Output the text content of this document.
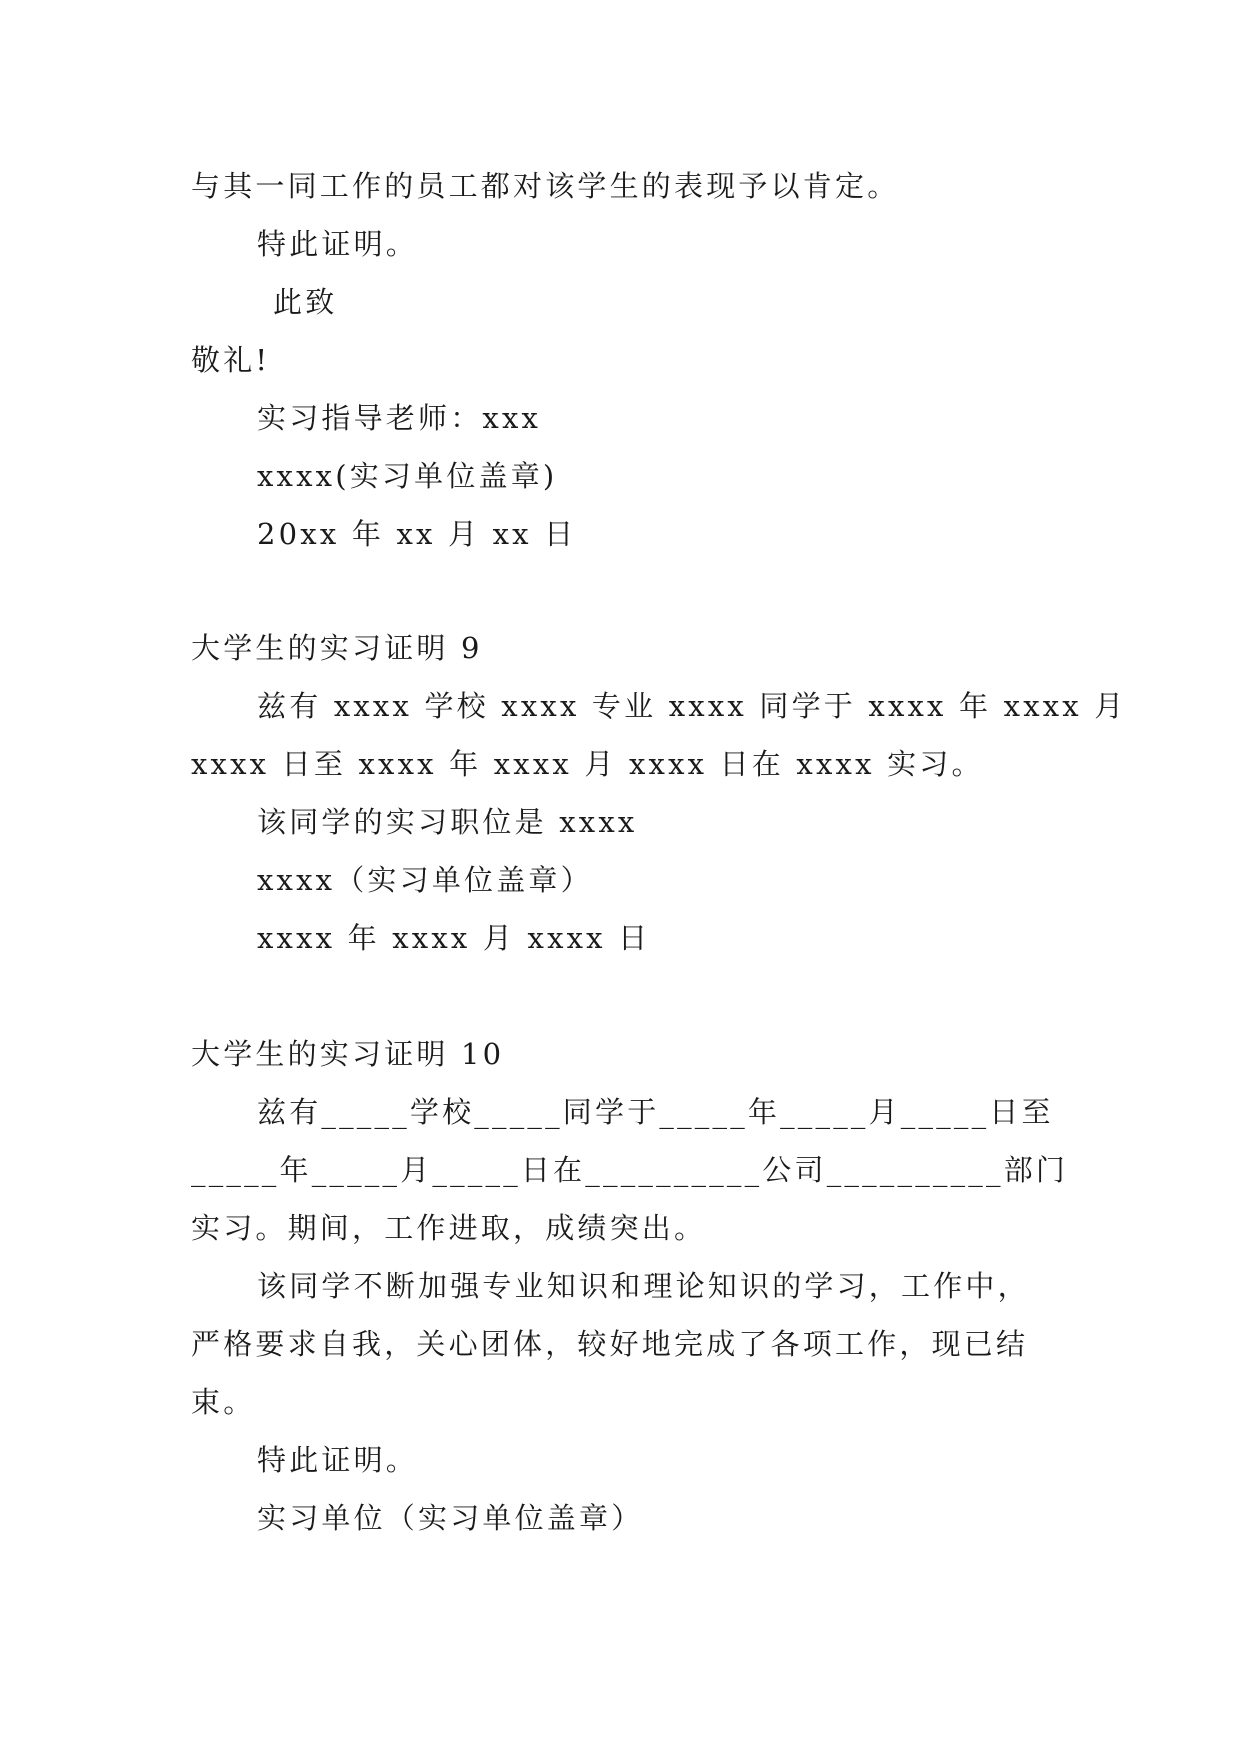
与其一同工作的员工都对该学生的表现予以肯定。
特此证明。
此致
敬礼!
实习指导老师：xxx
xxxx(实习单位盖章)
20xx 年 xx 月 xx 日
大学生的实习证明 9
兹有 xxxx 学校 xxxx 专业 xxxx 同学于 xxxx 年 xxxx 月
xxxx 日至 xxxx 年 xxxx 月 xxxx 日在 xxxx 实习。
该同学的实习职位是 xxxx
xxxx（实习单位盖章）
xxxx 年 xxxx 月 xxxx 日
大学生的实习证明 10
兹有_____学校_____同学于_____年_____月_____日至
_____年_____月_____日在__________公司__________部门
实习。期间，工作进取，成绩突出。
该同学不断加强专业知识和理论知识的学习，工作中，
严格要求自我，关心团体，较好地完成了各项工作，现已结
束。
特此证明。
实习单位（实习单位盖章）
